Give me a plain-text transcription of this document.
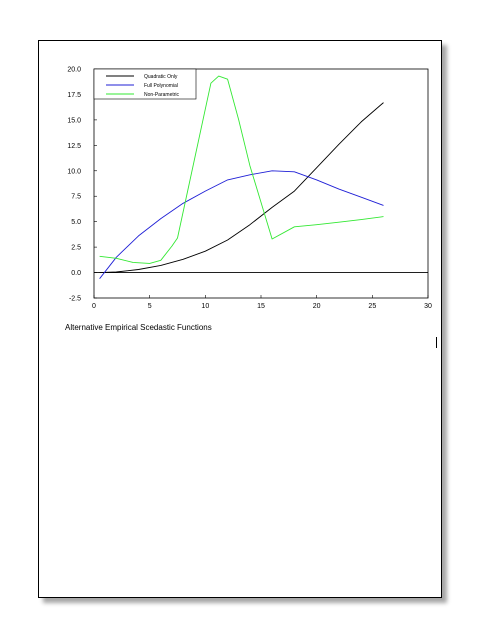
0	5	10	15	20	25	30
20.0
17.5
15.0
12.5
10.0
7.5
5.0
2.5
0.0
-2.5
Quadratic Only
Full Polynomial
Non-Parametric
Alternative Empirical Scedastic Functions
